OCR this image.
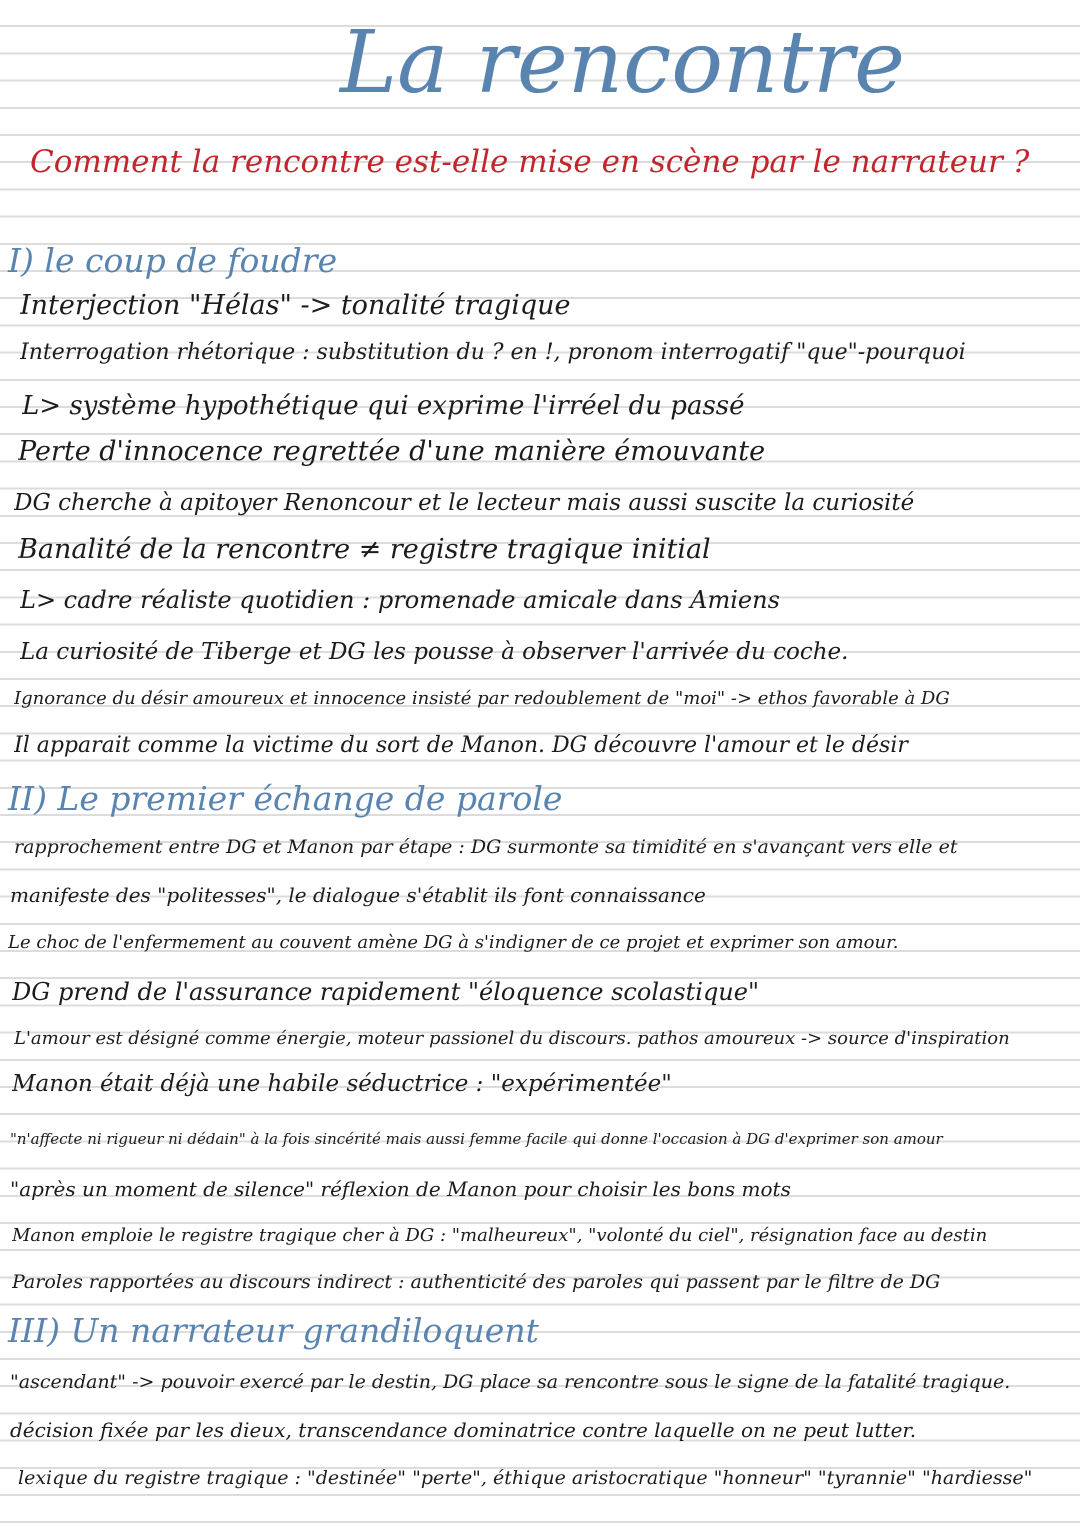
La rencontre
Comment la rencontre est-elle mise en scène par le narrateur ?
I) le coup de foudre
Interjection "Hélas" -> tonalité tragique
Interrogation rhétorique : substitution du ? en !, pronom interrogatif "que"-pourquoi
L> système hypothétique qui exprime l'irréel du passé
Perte d'innocence regrettée d'une manière émouvante
DG cherche à apitoyer Renoncour et le lecteur mais aussi suscite la curiosité
Banalité de la rencontre ≠ registre tragique initial
L> cadre réaliste quotidien : promenade amicale dans Amiens
La curiosité de Tiberge et DG les pousse à observer l'arrivée du coche.
Ignorance du désir amoureux et innocence insisté par redoublement de "moi" -> ethos favorable à DG
Il apparait comme la victime du sort de Manon. DG découvre l'amour et le désir
II) Le premier échange de parole
rapprochement entre DG et Manon par étape : DG surmonte sa timidité en s'avançant vers elle et
manifeste des "politesses", le dialogue s'établit ils font connaissance
Le choc de l'enfermement au couvent amène DG à s'indigner de ce projet et exprimer son amour.
DG prend de l'assurance rapidement "éloquence scolastique"
L'amour est désigné comme énergie, moteur passionel du discours. pathos amoureux -> source d'inspiration
Manon était déjà une habile séductrice : "expérimentée"
"n'affecte ni rigueur ni dédain" à la fois sincérité mais aussi femme facile qui donne l'occasion à DG d'exprimer son amour
"après un moment de silence" réflexion de Manon pour choisir les bons mots
Manon emploie le registre tragique cher à DG : "malheureux", "volonté du ciel", résignation face au destin
Paroles rapportées au discours indirect : authenticité des paroles qui passent par le filtre de DG
III) Un narrateur grandiloquent
"ascendant" -> pouvoir exercé par le destin, DG place sa rencontre sous le signe de la fatalité tragique.
décision fixée par les dieux, transcendance dominatrice contre laquelle on ne peut lutter.
lexique du registre tragique : "destinée" "perte", éthique aristocratique "honneur" "tyrannie" "hardiesse"
